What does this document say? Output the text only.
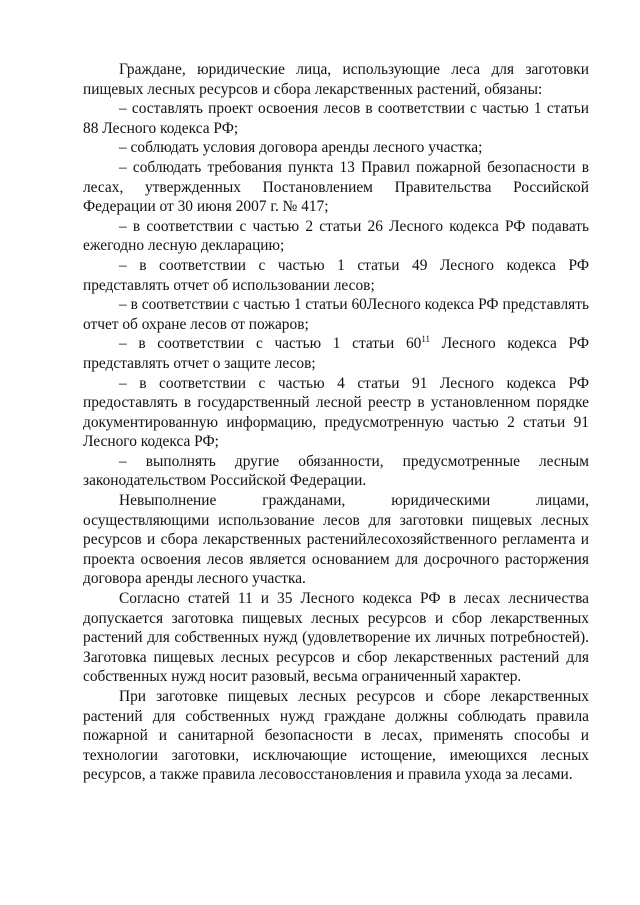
Граждане, юридические лица, использующие леса для заготовки пищевых лесных ресурсов и сбора лекарственных растений, обязаны:

– составлять проект освоения лесов в соответствии с частью 1 статьи 88 Лесного кодекса РФ;

– соблюдать условия договора аренды лесного участка;

– соблюдать требования пункта 13 Правил пожарной безопасности в лесах, утвержденных Постановлением Правительства Российской Федерации от 30 июня 2007 г. № 417;

– в соответствии с частью 2 статьи 26 Лесного кодекса РФ подавать ежегодно лесную декларацию;

– в соответствии с частью 1 статьи 49 Лесного кодекса РФ представлять отчет об использовании лесов;

– в соответствии с частью 1 статьи 60Лесного кодекса РФ представлять отчет об охране лесов от пожаров;

– в соответствии с частью 1 статьи $60^{11}$ Лесного кодекса РФ представлять отчет о защите лесов;

– в соответствии с частью 4 статьи 91 Лесного кодекса РФ предоставлять в государственный лесной реестр в установленном порядке документированную информацию, предусмотренную частью 2 статьи 91 Лесного кодекса РФ;

– выполнять другие обязанности, предусмотренные лесным законодательством Российской Федерации.

Невыполнение гражданами, юридическими лицами, осуществляющими использование лесов для заготовки пищевых лесных ресурсов и сбора лекарственных растенийлесохозяйственного регламента и проекта освоения лесов является основанием для досрочного расторжения договора аренды лесного участка.

Согласно статей 11 и 35 Лесного кодекса РФ в лесах лесничества допускается заготовка пищевых лесных ресурсов и сбор лекарственных растений для собственных нужд (удовлетворение их личных потребностей). Заготовка пищевых лесных ресурсов и сбор лекарственных растений для собственных нужд носит разовый, весьма ограниченный характер.

При заготовке пищевых лесных ресурсов и сборе лекарственных растений для собственных нужд граждане должны соблюдать правила пожарной и санитарной безопасности в лесах, применять способы и технологии заготовки, исключающие истощение, имеющихся лесных ресурсов, а также правила лесовосстановления и правила ухода за лесами.
